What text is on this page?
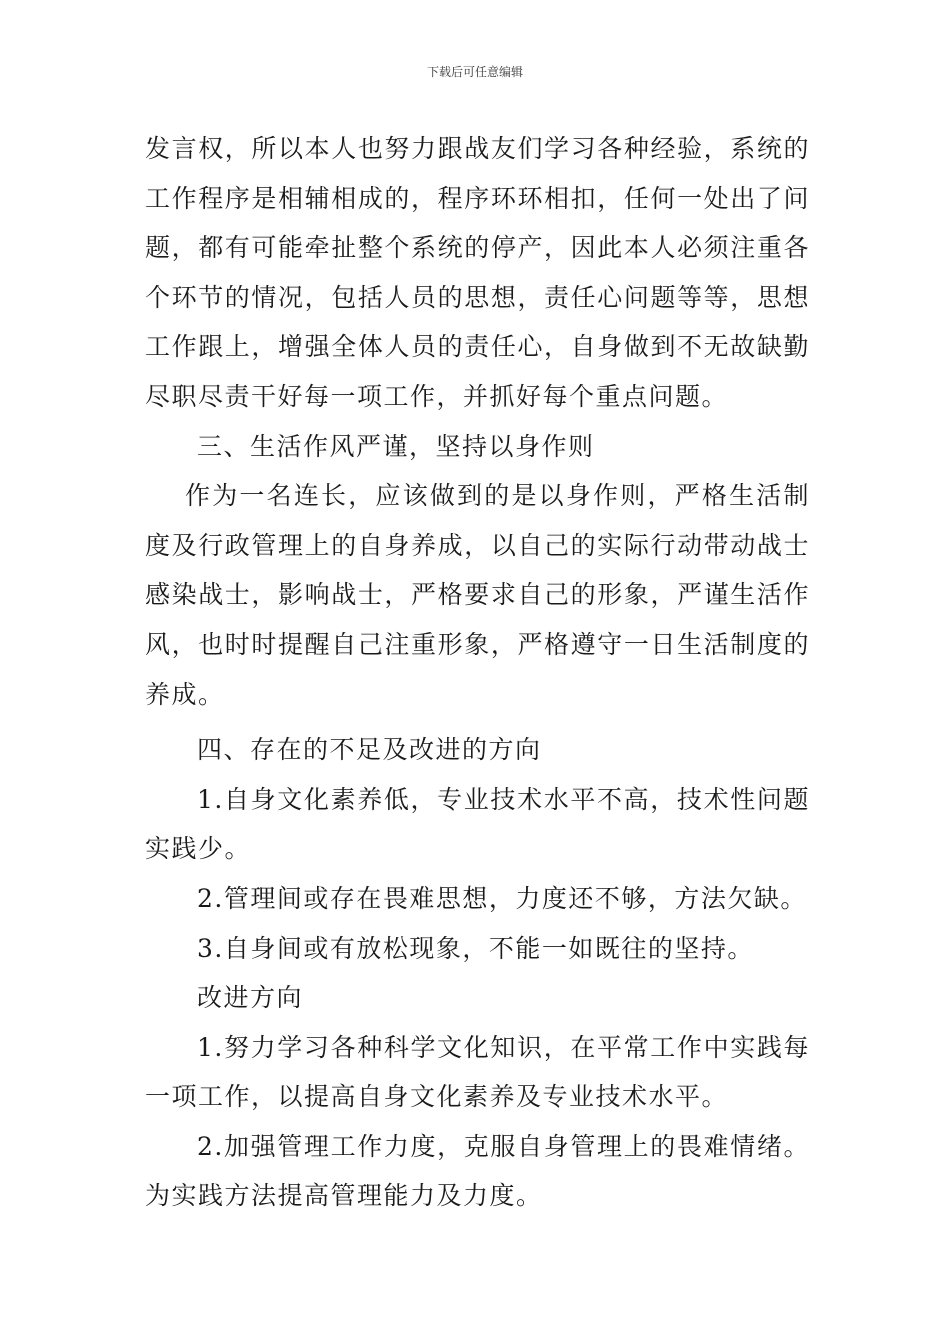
下载后可任意编辑

发言权，所以本人也努力跟战友们学习各种经验，系统的工作程序是相辅相成的，程序环环相扣，任何一处出了问题，都有可能牵扯整个系统的停产，因此本人必须注重各个环节的情况，包括人员的思想，责任心问题等等，思想工作跟上，增强全体人员的责任心，自身做到不无故缺勤尽职尽责干好每一项工作，并抓好每个重点问题。

三、生活作风严谨，坚持以身作则

作为一名连长，应该做到的是以身作则，严格生活制度及行政管理上的自身养成，以自己的实际行动带动战士感染战士，影响战士，严格要求自己的形象，严谨生活作风，也时时提醒自己注重形象，严格遵守一日生活制度的养成。

四、存在的不足及改进的方向

1.自身文化素养低，专业技术水平不高，技术性问题实践少。

2.管理间或存在畏难思想，力度还不够，方法欠缺。

3.自身间或有放松现象，不能一如既往的坚持。

改进方向

1.努力学习各种科学文化知识，在平常工作中实践每一项工作，以提高自身文化素养及专业技术水平。

2.加强管理工作力度，克服自身管理上的畏难情绪。为实践方法提高管理能力及力度。
